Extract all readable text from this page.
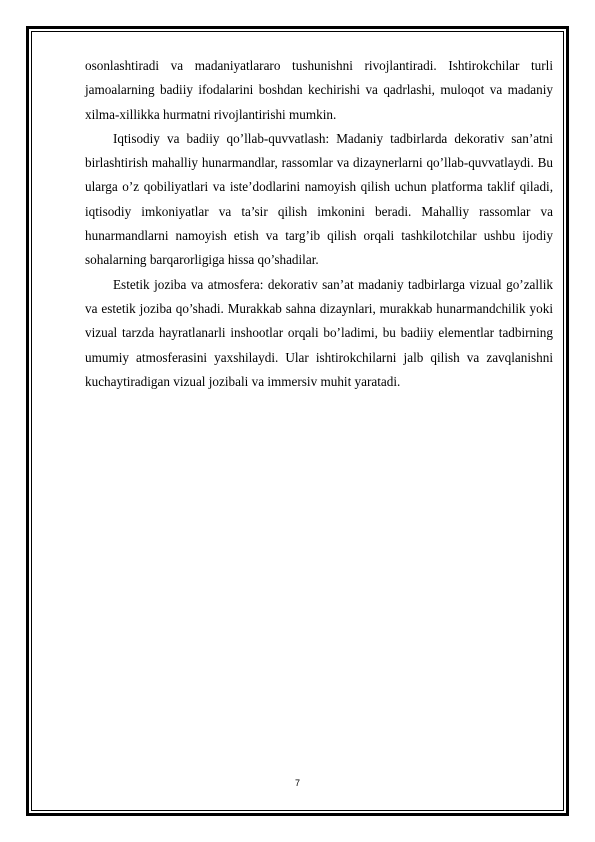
osonlashtiradi va madaniyatlararo tushunishni rivojlantiradi. Ishtirokchilar turli jamoalarning badiiy ifodalarini boshdan kechirishi va qadrlashi, muloqot va madaniy xilma-xillikka hurmatni rivojlantirishi mumkin.

Iqtisodiy va badiiy qo’llab-quvvatlash: Madaniy tadbirlarda dekorativ san’atni birlashtirish mahalliy hunarmandlar, rassomlar va dizaynerlarni qo’llab-quvvatlaydi. Bu ularga o’z qobiliyatlari va iste’dodlarini namoyish qilish uchun platforma taklif qiladi, iqtisodiy imkoniyatlar va ta’sir qilish imkonini beradi. Mahalliy rassomlar va hunarmandlarni namoyish etish va targ’ib qilish orqali tashkilotchilar ushbu ijodiy sohalarning barqarorligiga hissa qo’shadilar.

Estetik joziba va atmosfera: dekorativ san’at madaniy tadbirlarga vizual go’zallik va estetik joziba qo’shadi. Murakkab sahna dizaynlari, murakkab hunarmandchilik yoki vizual tarzda hayratlanarli inshootlar orqali bo’ladimi, bu badiiy elementlar tadbirning umumiy atmosferasini yaxshilaydi. Ular ishtirokchilarni jalb qilish va zavqlanishni kuchaytiradigan vizual jozibali va immersiv muhit yaratadi.

7
